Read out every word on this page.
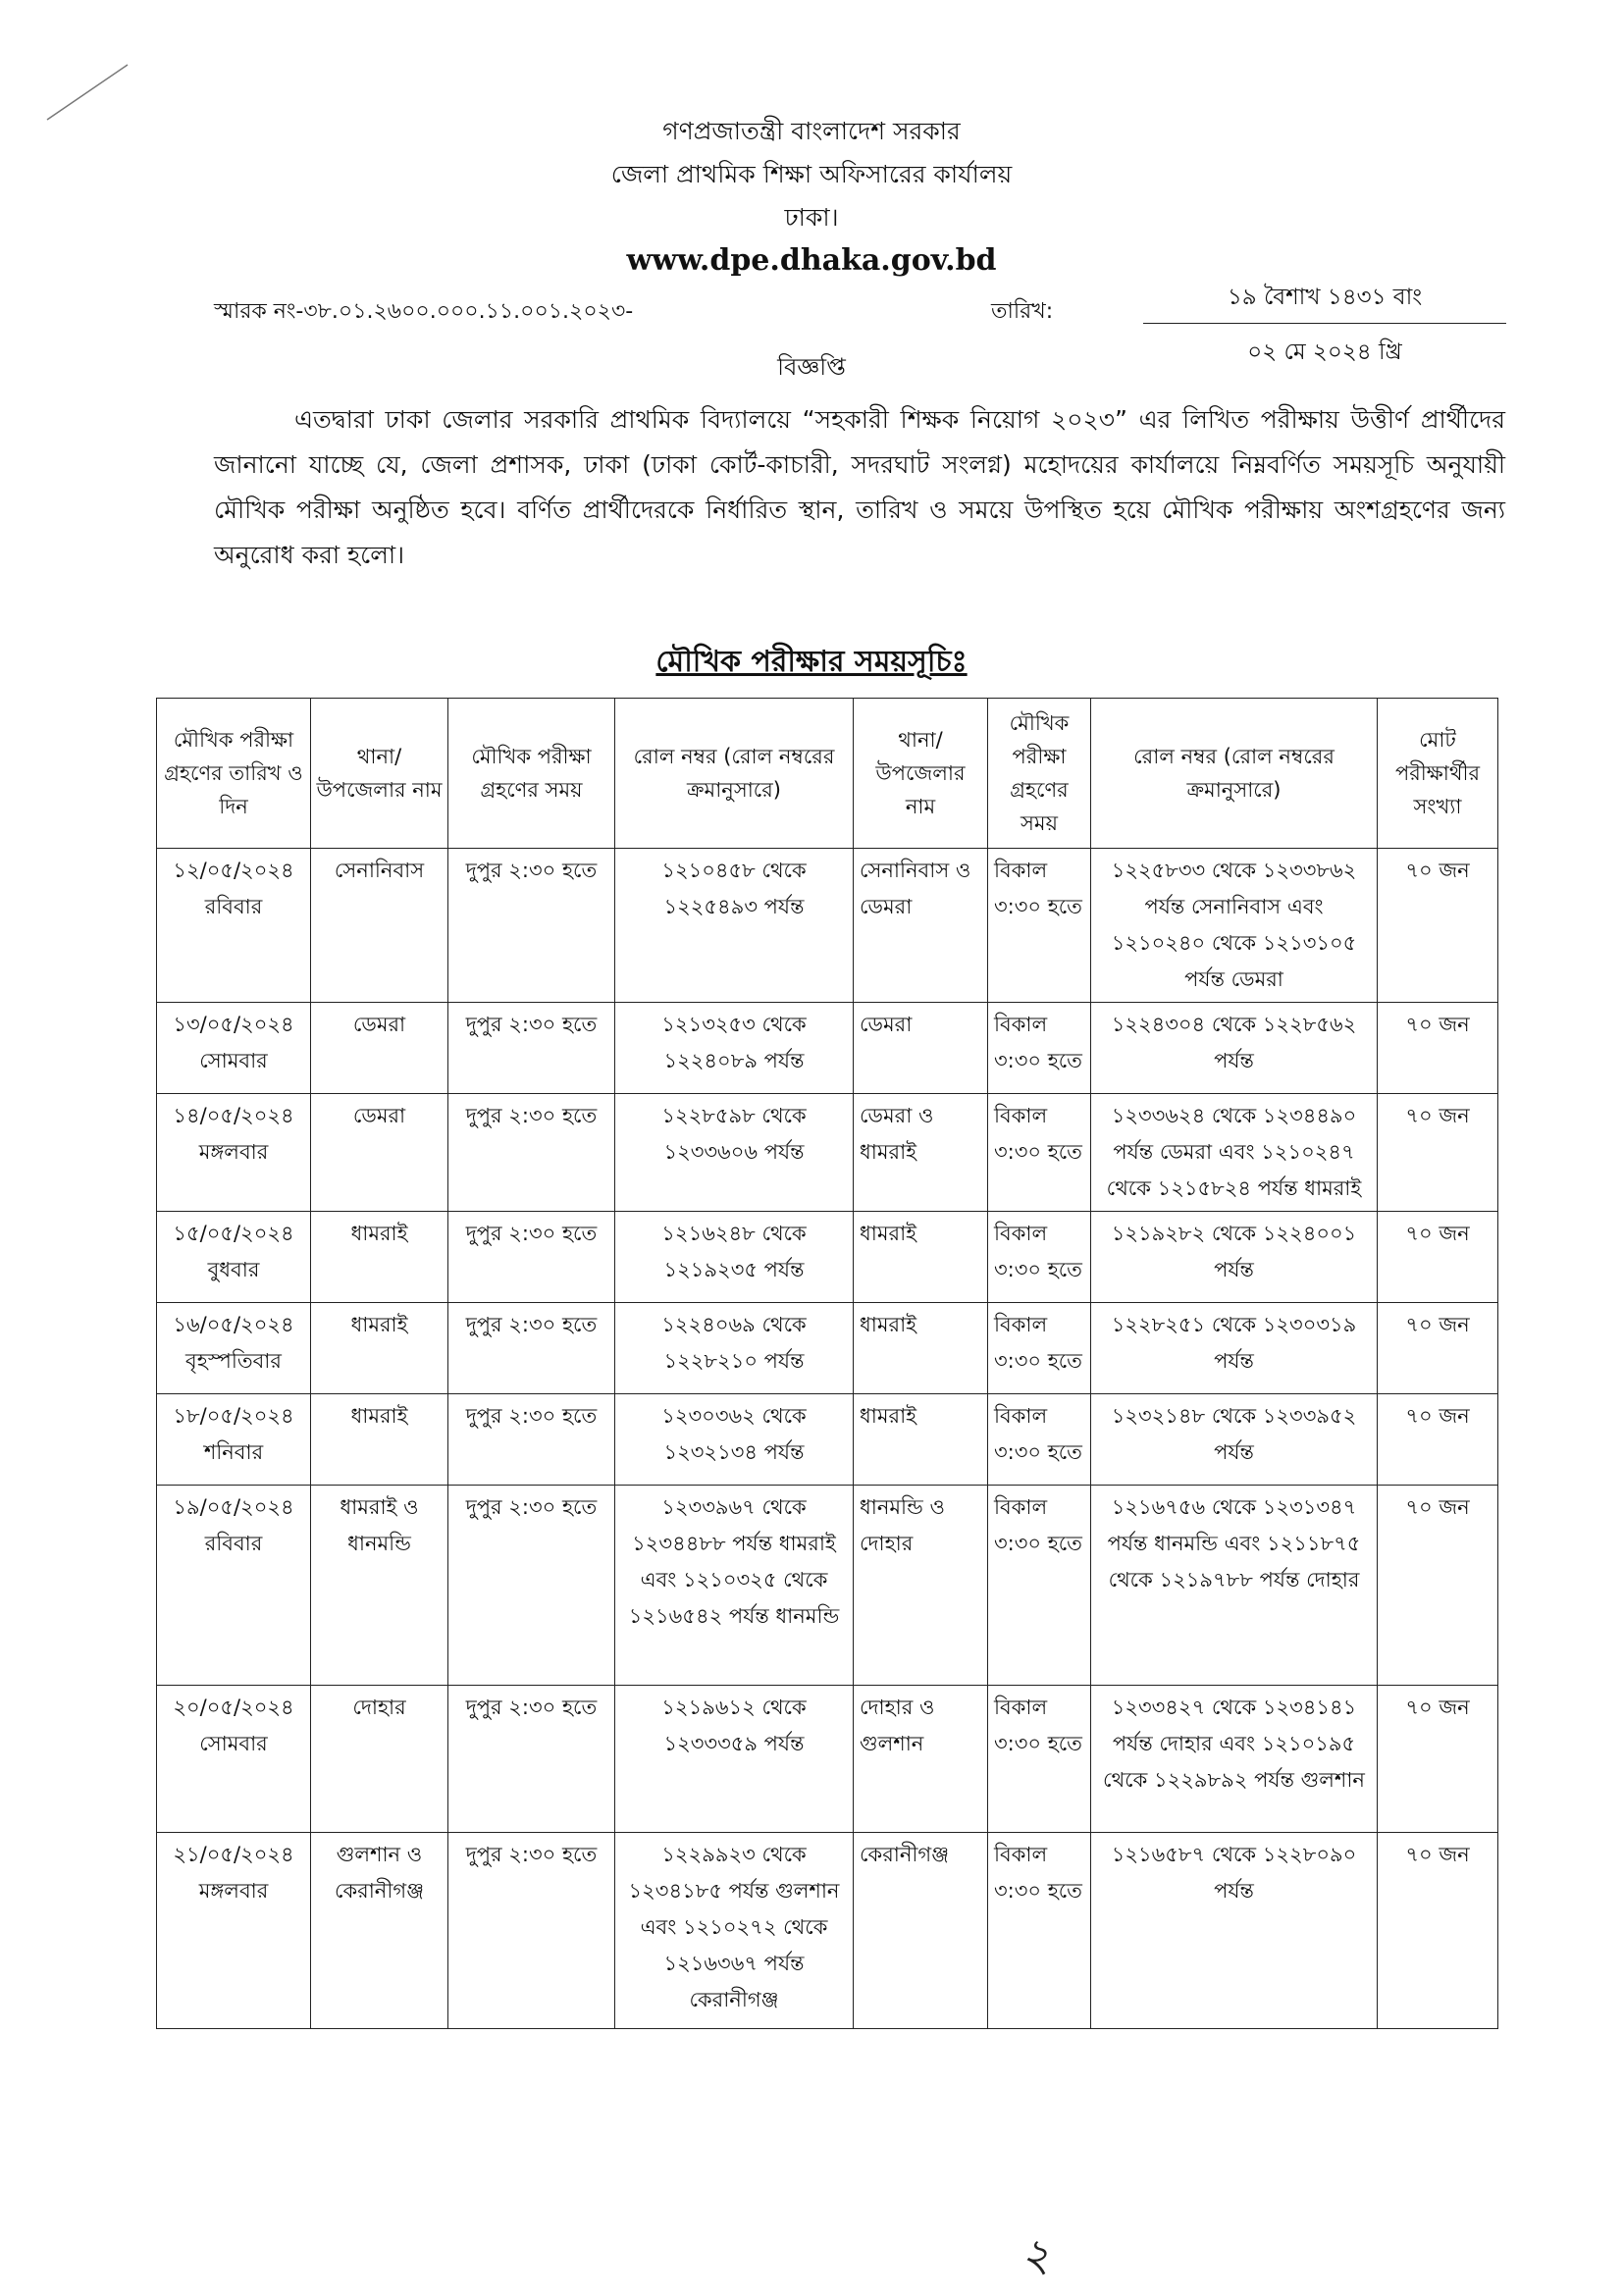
গণপ্রজাতন্ত্রী বাংলাদেশ সরকার
জেলা প্রাথমিক শিক্ষা অফিসারের কার্যালয়
ঢাকা।
www.dpe.dhaka.gov.bd
স্মারক নং-৩৮.০১.২৬০০.০০০.১১.০০১.২০২৩-	তারিখ:
১৯ বৈশাখ ১৪৩১ বাং
০২ মে ২০২৪ খ্রি
বিজ্ঞপ্তি
এতদ্বারা ঢাকা জেলার সরকারি প্রাথমিক বিদ্যালয়ে “সহকারী শিক্ষক নিয়োগ ২০২৩” এর লিখিত পরীক্ষায় উত্তীর্ণ প্রার্থীদের জানানো যাচ্ছে যে, জেলা প্রশাসক, ঢাকা (ঢাকা কোর্ট-কাচারী, সদরঘাট সংলগ্ন) মহোদয়ের কার্যালয়ে নিম্নবর্ণিত সময়সূচি অনুযায়ী মৌখিক পরীক্ষা অনুষ্ঠিত হবে। বর্ণিত প্রার্থীদেরকে নির্ধারিত স্থান, তারিখ ও সময়ে উপস্থিত হয়ে মৌখিক পরীক্ষায় অংশগ্রহণের জন্য অনুরোধ করা হলো।
মৌখিক পরীক্ষার সময়সূচিঃ
মৌখিক পরীক্ষা গ্রহণের তারিখ ও দিন	থানা/ উপজেলার নাম	মৌখিক পরীক্ষা গ্রহণের সময়	রোল নম্বর (রোল নম্বরের ক্রমানুসারে)	থানা/ উপজেলার নাম	মৌখিক পরীক্ষা গ্রহণের সময়	রোল নম্বর (রোল নম্বরের ক্রমানুসারে)	মোট পরীক্ষার্থীর সংখ্যা

১২/০৫/২০২৪
রবিবার	সেনানিবাস	দুপুর ২:৩০ হতে	১২১০৪৫৮ থেকে ১২২৫৪৯৩ পর্যন্ত	সেনানিবাস ও ডেমরা	বিকাল ৩:৩০ হতে	১২২৫৮৩৩ থেকে ১২৩৩৮৬২ পর্যন্ত সেনানিবাস এবং ১২১০২৪০ থেকে ১২১৩১০৫ পর্যন্ত ডেমরা	৭০ জন

১৩/০৫/২০২৪
সোমবার	ডেমরা	দুপুর ২:৩০ হতে	১২১৩২৫৩ থেকে ১২২৪০৮৯ পর্যন্ত	ডেমরা	বিকাল ৩:৩০ হতে	১২২৪৩০৪ থেকে ১২২৮৫৬২ পর্যন্ত	৭০ জন

১৪/০৫/২০২৪
মঙ্গলবার	ডেমরা	দুপুর ২:৩০ হতে	১২২৮৫৯৮ থেকে ১২৩৩৬০৬ পর্যন্ত	ডেমরা ও ধামরাই	বিকাল ৩:৩০ হতে	১২৩৩৬২৪ থেকে ১২৩৪৪৯০ পর্যন্ত ডেমরা এবং ১২১০২৪৭ থেকে ১২১৫৮২৪ পর্যন্ত ধামরাই	৭০ জন

১৫/০৫/২০২৪
বুধবার	ধামরাই	দুপুর ২:৩০ হতে	১২১৬২৪৮ থেকে ১২১৯২৩৫ পর্যন্ত	ধামরাই	বিকাল ৩:৩০ হতে	১২১৯২৮২ থেকে ১২২৪০০১ পর্যন্ত	৭০ জন

১৬/০৫/২০২৪
বৃহস্পতিবার	ধামরাই	দুপুর ২:৩০ হতে	১২২৪০৬৯ থেকে ১২২৮২১০ পর্যন্ত	ধামরাই	বিকাল ৩:৩০ হতে	১২২৮২৫১ থেকে ১২৩০৩১৯ পর্যন্ত	৭০ জন

১৮/০৫/২০২৪
শনিবার	ধামরাই	দুপুর ২:৩০ হতে	১২৩০৩৬২ থেকে ১২৩২১৩৪ পর্যন্ত	ধামরাই	বিকাল ৩:৩০ হতে	১২৩২১৪৮ থেকে ১২৩৩৯৫২ পর্যন্ত	৭০ জন

১৯/০৫/২০২৪
রবিবার	ধামরাই ও ধানমন্ডি	দুপুর ২:৩০ হতে	১২৩৩৯৬৭ থেকে ১২৩৪৪৮৮ পর্যন্ত ধামরাই এবং ১২১০৩২৫ থেকে ১২১৬৫৪২ পর্যন্ত ধানমন্ডি	ধানমন্ডি ও দোহার	বিকাল ৩:৩০ হতে	১২১৬৭৫৬ থেকে ১২৩১৩৪৭ পর্যন্ত ধানমন্ডি এবং ১২১১৮৭৫ থেকে ১২১৯৭৮৮ পর্যন্ত দোহার	৭০ জন

২০/০৫/২০২৪
সোমবার	দোহার	দুপুর ২:৩০ হতে	১২১৯৬১২ থেকে ১২৩৩৩৫৯ পর্যন্ত	দোহার ও গুলশান	বিকাল ৩:৩০ হতে	১২৩৩৪২৭ থেকে ১২৩৪১৪১ পর্যন্ত দোহার এবং ১২১০১৯৫ থেকে ১২২৯৮৯২ পর্যন্ত গুলশান	৭০ জন

২১/০৫/২০২৪
মঙ্গলবার	গুলশান ও কেরানীগঞ্জ	দুপুর ২:৩০ হতে	১২২৯৯২৩ থেকে ১২৩৪১৮৫ পর্যন্ত গুলশান এবং ১২১০২৭২ থেকে ১২১৬৩৬৭ পর্যন্ত কেরানীগঞ্জ	কেরানীগঞ্জ	বিকাল ৩:৩০ হতে	১২১৬৫৮৭ থেকে ১২২৮০৯০ পর্যন্ত	৭০ জন
২
